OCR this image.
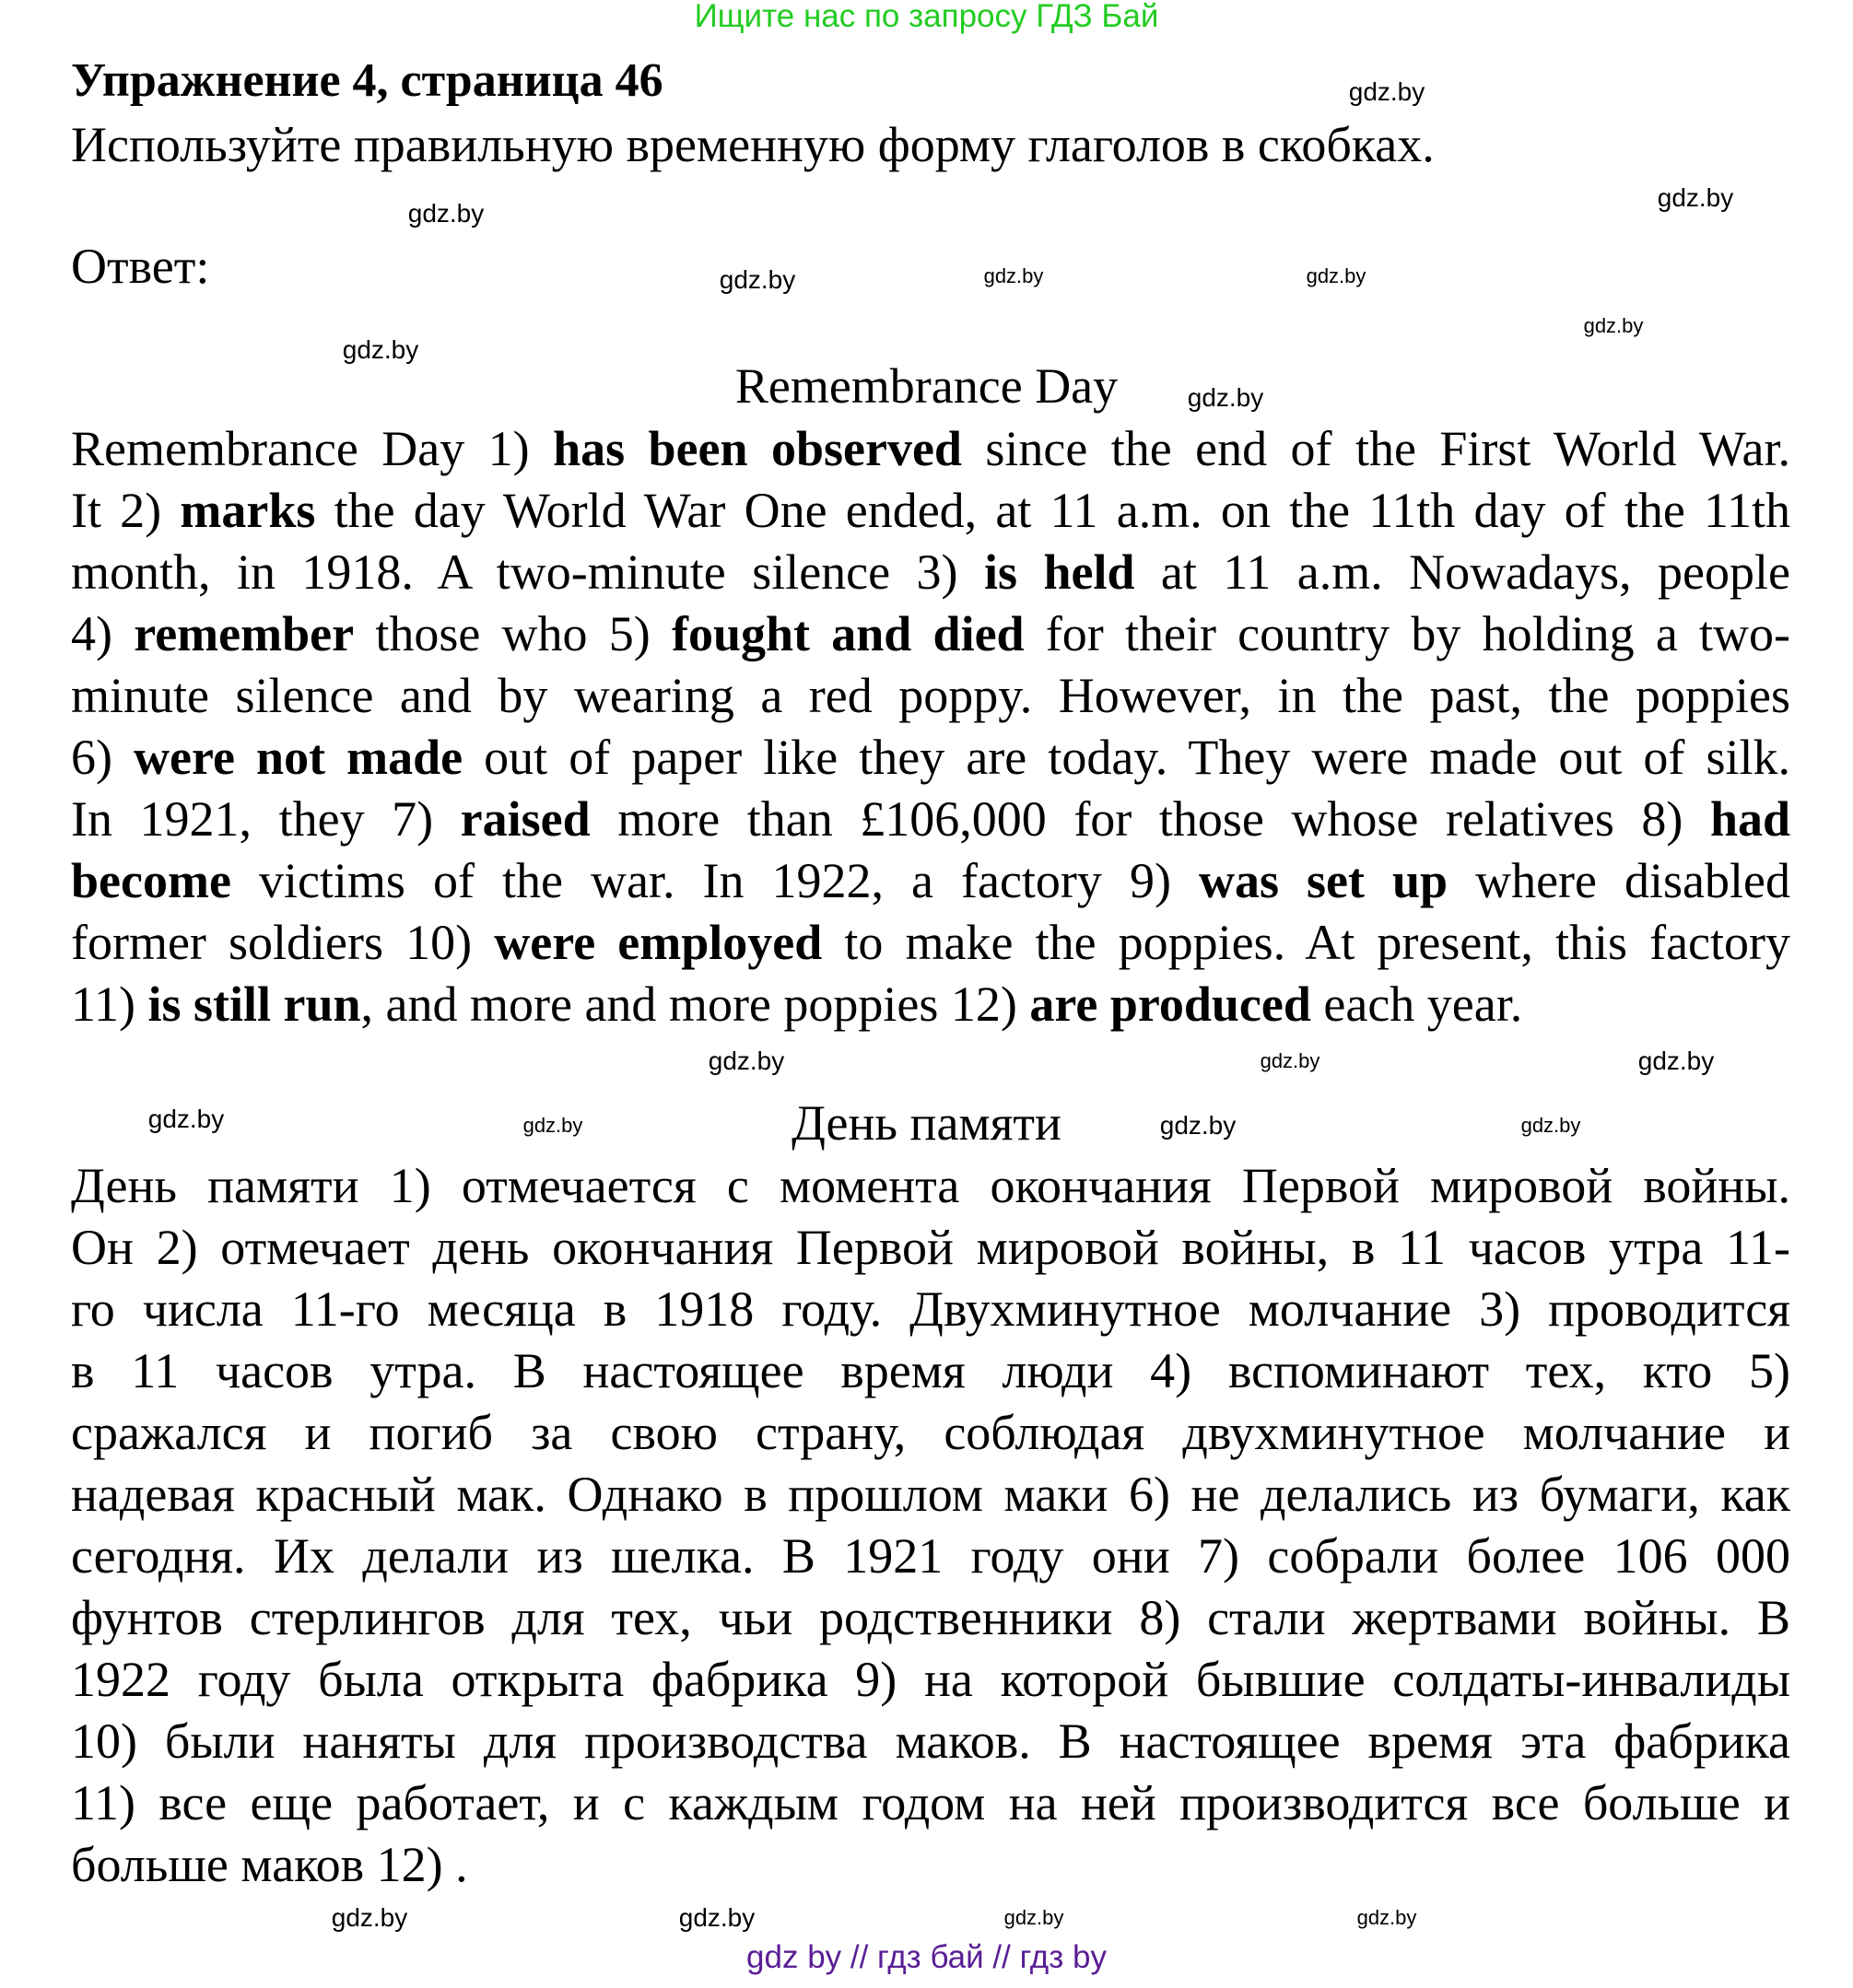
Ищите нас по запросу ГДЗ Бай
Упражнение 4, страница 46
Используйте правильную временную форму глаголов в скобках.
Ответ:
Remembrance Day
Remembrance Day 1) has been observed since the end of the First World War.
It 2) marks the day World War One ended, at 11 a.m. on the 11th day of the 11th
month, in 1918. A two-minute silence 3) is held at 11 a.m. Nowadays, people
4) remember those who 5) fought and died for their country by holding a two-
minute silence and by wearing a red poppy. However, in the past, the poppies
6) were not made out of paper like they are today. They were made out of silk.
In 1921, they 7) raised more than £106,000 for those whose relatives 8) had
become victims of the war. In 1922, a factory 9) was set up where disabled
former soldiers 10) were employed to make the poppies. At present, this factory
11) is still run, and more and more poppies 12) are produced each year.
День памяти
День памяти 1) отмечается с момента окончания Первой мировой войны.
Он 2) отмечает день окончания Первой мировой войны, в 11 часов утра 11-
го числа 11-го месяца в 1918 году. Двухминутное молчание 3) проводится
в 11 часов утра. В настоящее время люди 4) вспоминают тех, кто 5)
сражался и погиб за свою страну, соблюдая двухминутное молчание и
надевая красный мак. Однако в прошлом маки 6) не делались из бумаги, как
сегодня. Их делали из шелка. В 1921 году они 7) собрали более 106 000
фунтов стерлингов для тех, чьи родственники 8) стали жертвами войны. В
1922 году была открыта фабрика 9) на которой бывшие солдаты-инвалиды
10) были наняты для производства маков. В настоящее время эта фабрика
11) все еще работает, и с каждым годом на ней производится все больше и
больше маков 12) .
gdz.by
gdz.by
gdz.by
gdz.by
gdz.by
gdz.by
gdz.by
gdz.by	gdz.by
gdz.by
gdz.by	gdz.by
gdz.by	gdz.by
gdz.by	gdz.by
gdz.by
gdz.by
gdz.by
gdz.by
gdz by // гдз бай // гдз by
